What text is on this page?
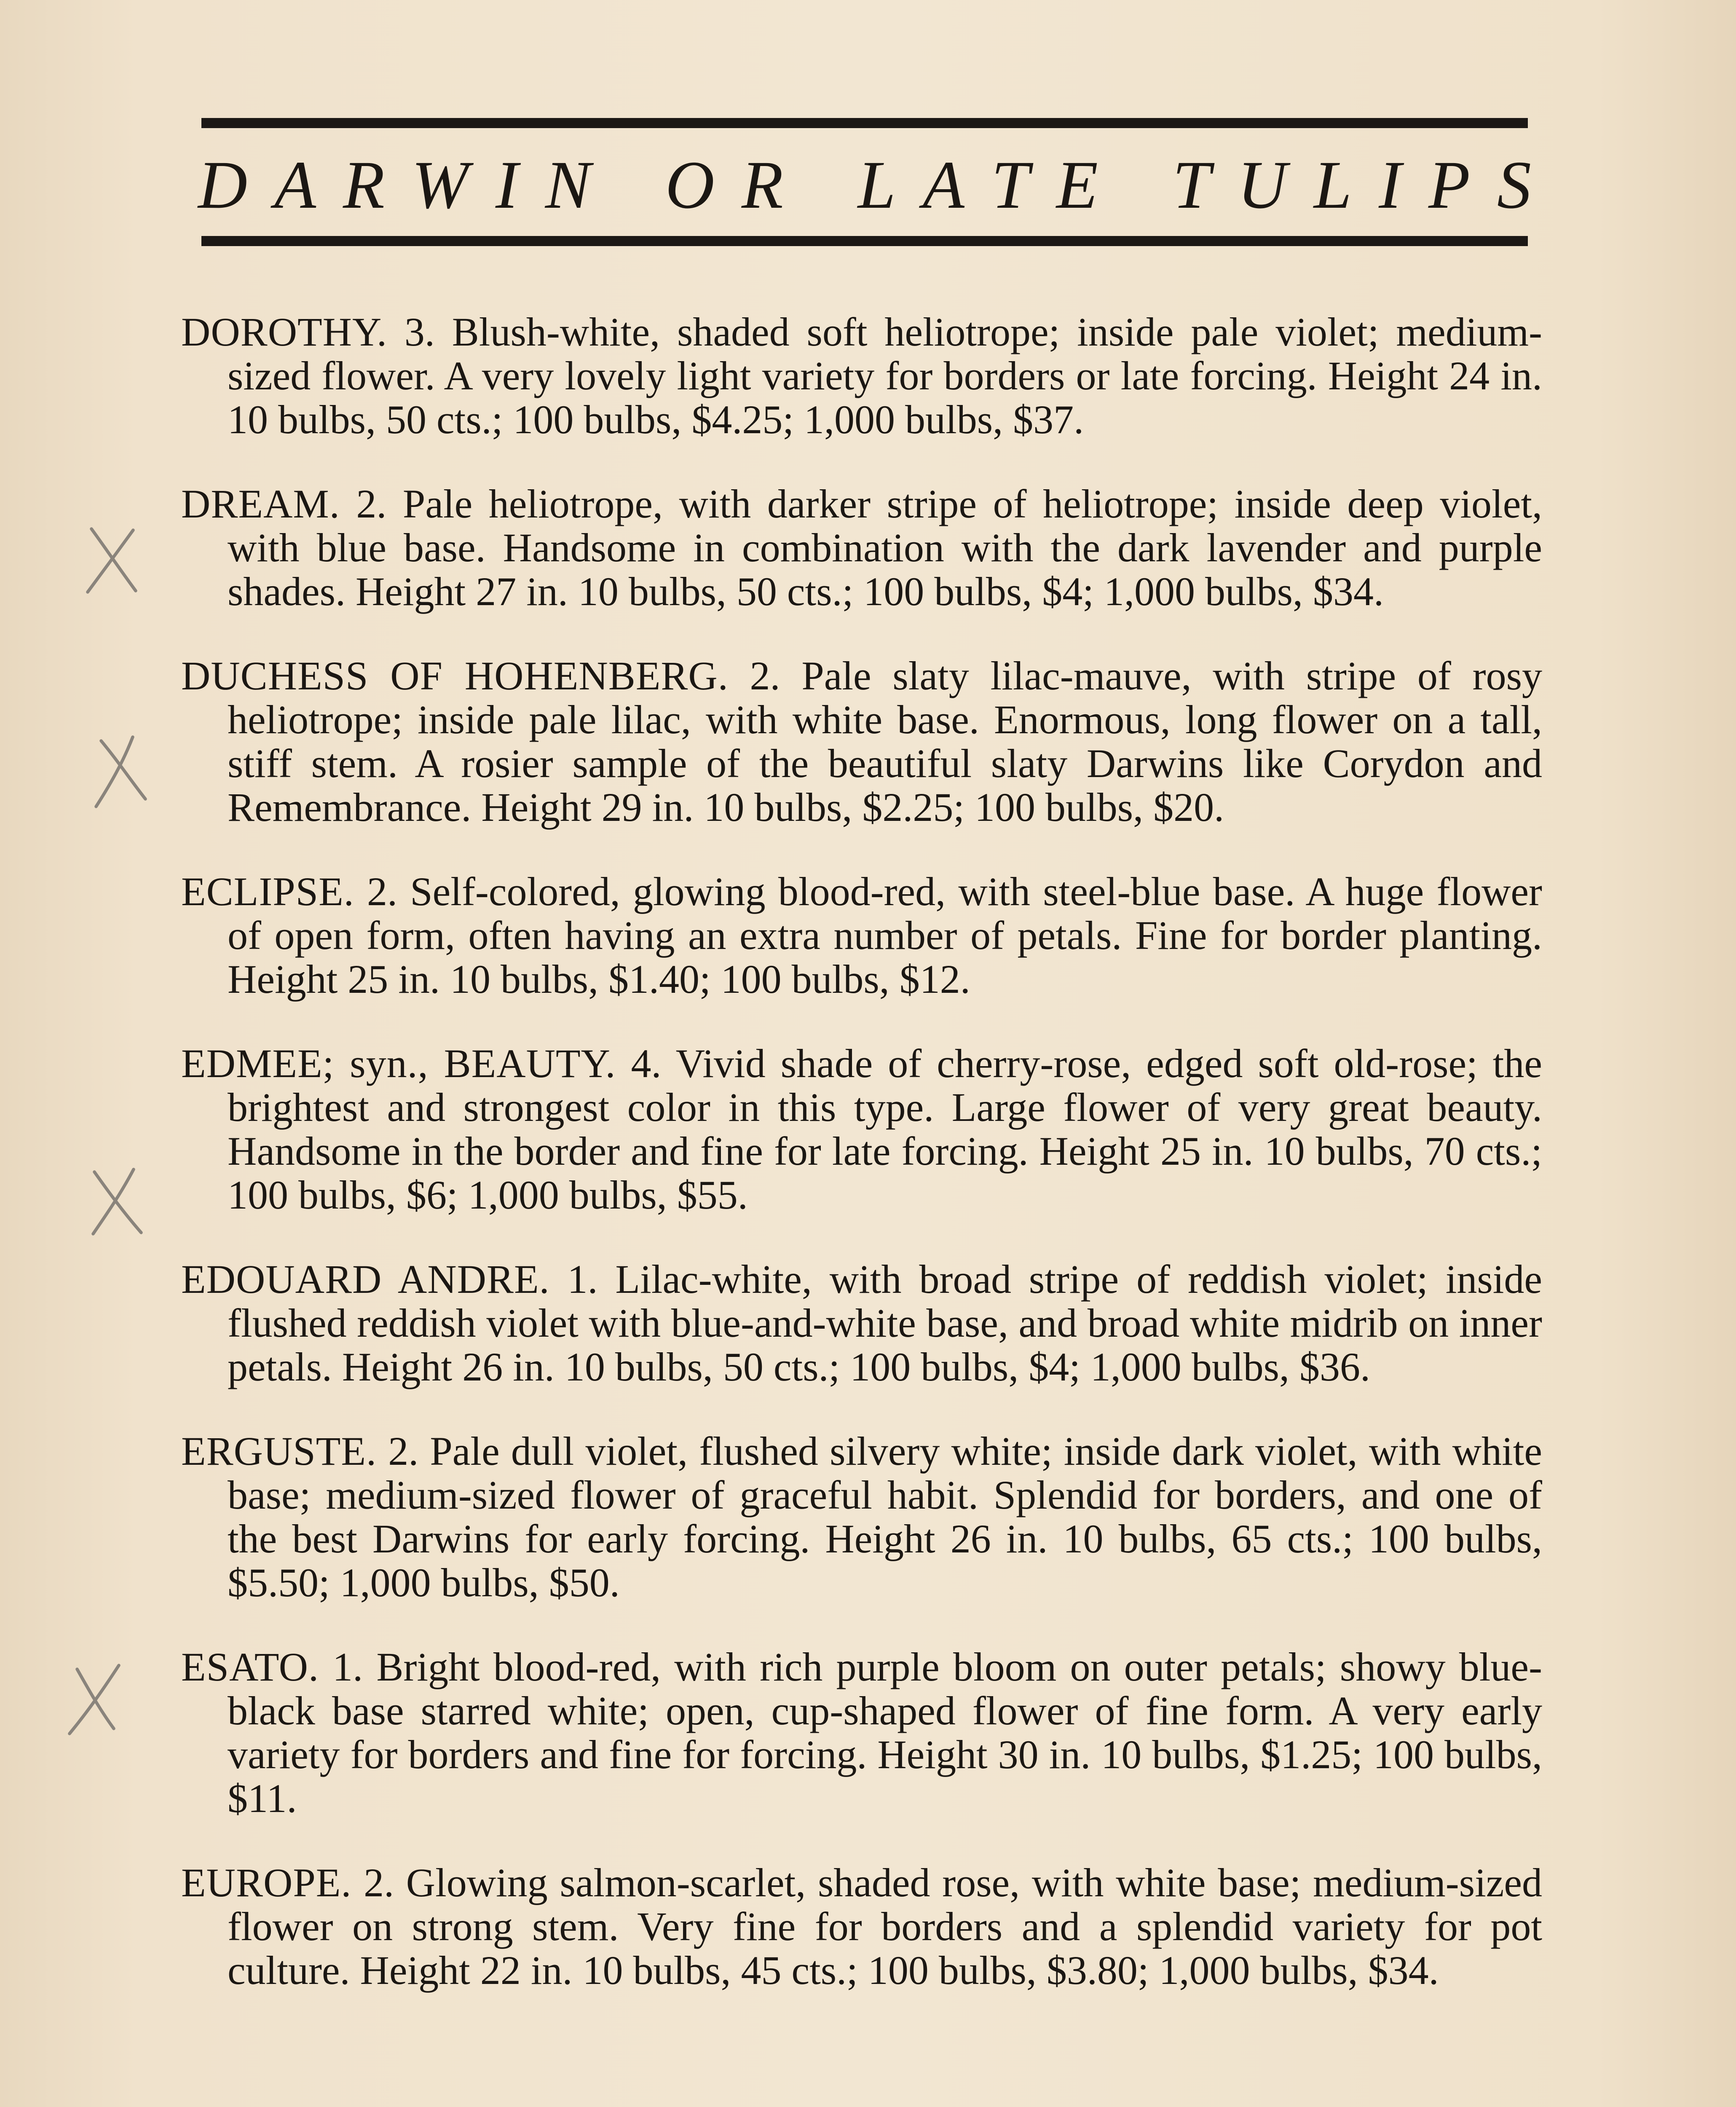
D A R W I N O R L A T E T U L I P S

DOROTHY. 3. Blush-white, shaded soft heliotrope; inside pale violet; medium-sized flower. A very lovely light variety for borders or late forcing. Height 24 in. 10 bulbs, 50 cts.; 100 bulbs, $4.25; 1,000 bulbs, $37.

DREAM. 2. Pale heliotrope, with darker stripe of heliotrope; inside deep violet, with blue base. Handsome in combination with the dark lavender and purple shades. Height 27 in. 10 bulbs, 50 cts.; 100 bulbs, $4; 1,000 bulbs, $34.

DUCHESS OF HOHENBERG. 2. Pale slaty lilac-mauve, with stripe of rosy heliotrope; inside pale lilac, with white base. Enormous, long flower on a tall, stiff stem. A rosier sample of the beautiful slaty Darwins like Corydon and Remembrance. Height 29 in. 10 bulbs, $2.25; 100 bulbs, $20.

ECLIPSE. 2. Self-colored, glowing blood-red, with steel-blue base. A huge flower of open form, often having an extra number of petals. Fine for border planting. Height 25 in. 10 bulbs, $1.40; 100 bulbs, $12.

EDMEE; syn., BEAUTY. 4. Vivid shade of cherry-rose, edged soft old-rose; the brightest and strongest color in this type. Large flower of very great beauty. Handsome in the border and fine for late forcing. Height 25 in. 10 bulbs, 70 cts.; 100 bulbs, $6; 1,000 bulbs, $55.

EDOUARD ANDRE. 1. Lilac-white, with broad stripe of reddish violet; inside flushed reddish violet with blue-and-white base, and broad white midrib on inner petals. Height 26 in. 10 bulbs, 50 cts.; 100 bulbs, $4; 1,000 bulbs, $36.

ERGUSTE. 2. Pale dull violet, flushed silvery white; inside dark violet, with white base; medium-sized flower of graceful habit. Splendid for borders, and one of the best Darwins for early forcing. Height 26 in. 10 bulbs, 65 cts.; 100 bulbs, $5.50; 1,000 bulbs, $50.

ESATO. 1. Bright blood-red, with rich purple bloom on outer petals; showy blue-black base starred white; open, cup-shaped flower of fine form. A very early variety for borders and fine for forcing. Height 30 in. 10 bulbs, $1.25; 100 bulbs, $11.

EUROPE. 2. Glowing salmon-scarlet, shaded rose, with white base; medium-sized flower on strong stem. Very fine for borders and a splendid variety for pot culture. Height 22 in. 10 bulbs, 45 cts.; 100 bulbs, $3.80; 1,000 bulbs, $34.
